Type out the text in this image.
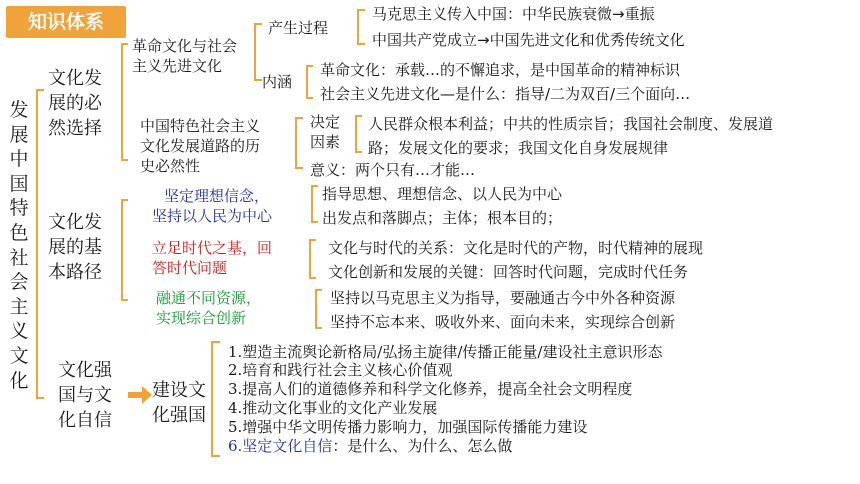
知识体系
发展中国特色社会主义文化
文化发
展的必
然选择
革命文化与社会
主义先进文化
产生过程
马克思主义传入中国：中华民族衰微→重振
中国共产党成立→中国先进文化和优秀传统文化
内涵
革命文化：承载…的不懈追求，是中国革命的精神标识
社会主义先进文化—是什么：指导/二为双百/三个面向…
中国特色社会主义
文化发展道路的历
史必然性
决定
因素
人民群众根本利益；中共的性质宗旨；我国社会制度、发展道
路；发展文化的要求；我国文化自身发展规律
意义：两个只有…才能…
文化发
展的基
本路径
坚定理想信念，
坚持以人民为中心
指导思想、理想信念、以人民为中心
出发点和落脚点；主体；根本目的；
立足时代之基，回
答时代问题
文化与时代的关系：文化是时代的产物，时代精神的展现
文化创新和发展的关键：回答时代问题，完成时代任务
融通不同资源，
实现综合创新
坚持以马克思主义为指导，要融通古今中外各种资源
坚持不忘本来、吸收外来、面向未来，实现综合创新
文化强
国与文
化自信
建设文
化强国
1.塑造主流舆论新格局/弘扬主旋律/传播正能量/建设社主意识形态
2.培育和践行社会主义核心价值观
3.提高人们的道德修养和科学文化修养，提高全社会文明程度
4.推动文化事业的文化产业发展
5.增强中华文明传播力影响力，加强国际传播能力建设
6.坚定文化自信：是什么、为什么、怎么做
